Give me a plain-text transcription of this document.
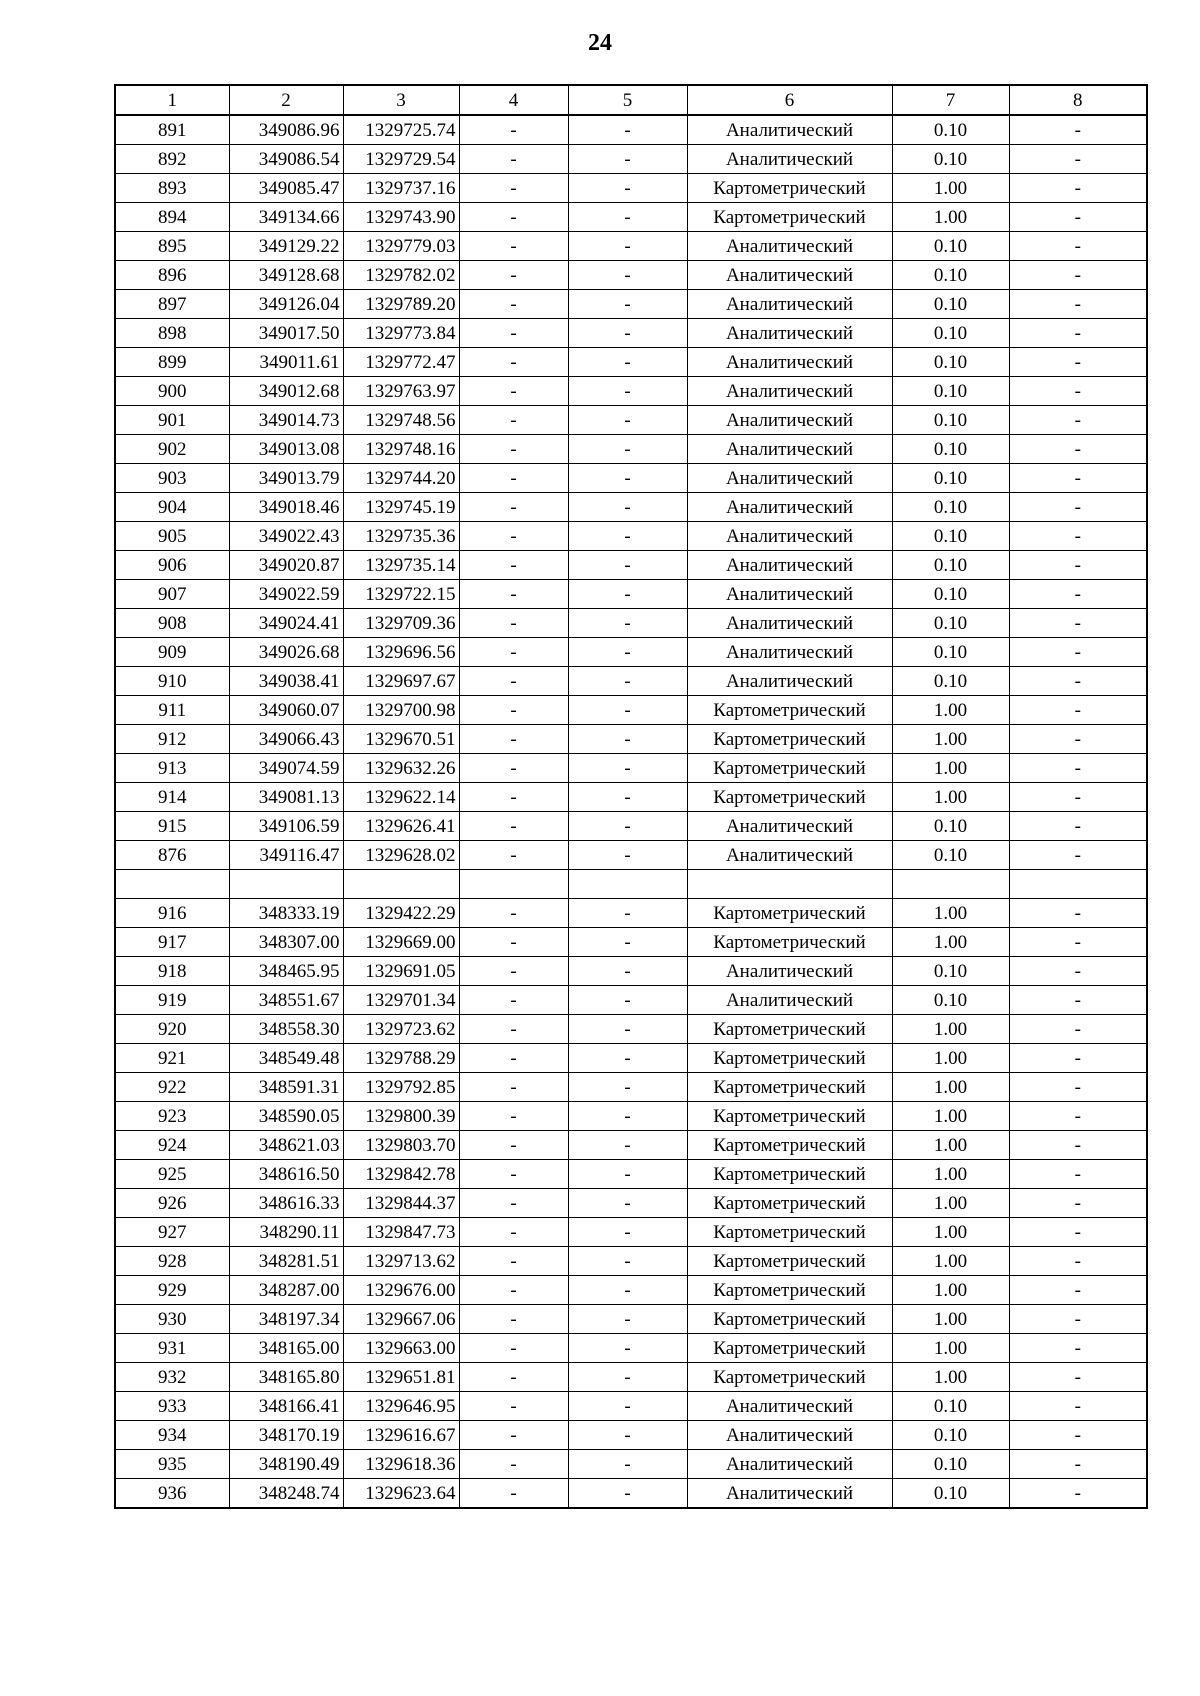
24
1	2	3	4	5	6	7	8
891	349086.96	1329725.74	-	-	Аналитический	0.10	-
892	349086.54	1329729.54	-	-	Аналитический	0.10	-
893	349085.47	1329737.16	-	-	Картометрический	1.00	-
894	349134.66	1329743.90	-	-	Картометрический	1.00	-
895	349129.22	1329779.03	-	-	Аналитический	0.10	-
896	349128.68	1329782.02	-	-	Аналитический	0.10	-
897	349126.04	1329789.20	-	-	Аналитический	0.10	-
898	349017.50	1329773.84	-	-	Аналитический	0.10	-
899	349011.61	1329772.47	-	-	Аналитический	0.10	-
900	349012.68	1329763.97	-	-	Аналитический	0.10	-
901	349014.73	1329748.56	-	-	Аналитический	0.10	-
902	349013.08	1329748.16	-	-	Аналитический	0.10	-
903	349013.79	1329744.20	-	-	Аналитический	0.10	-
904	349018.46	1329745.19	-	-	Аналитический	0.10	-
905	349022.43	1329735.36	-	-	Аналитический	0.10	-
906	349020.87	1329735.14	-	-	Аналитический	0.10	-
907	349022.59	1329722.15	-	-	Аналитический	0.10	-
908	349024.41	1329709.36	-	-	Аналитический	0.10	-
909	349026.68	1329696.56	-	-	Аналитический	0.10	-
910	349038.41	1329697.67	-	-	Аналитический	0.10	-
911	349060.07	1329700.98	-	-	Картометрический	1.00	-
912	349066.43	1329670.51	-	-	Картометрический	1.00	-
913	349074.59	1329632.26	-	-	Картометрический	1.00	-
914	349081.13	1329622.14	-	-	Картометрический	1.00	-
915	349106.59	1329626.41	-	-	Аналитический	0.10	-
876	349116.47	1329628.02	-	-	Аналитический	0.10	-

916	348333.19	1329422.29	-	-	Картометрический	1.00	-
917	348307.00	1329669.00	-	-	Картометрический	1.00	-
918	348465.95	1329691.05	-	-	Аналитический	0.10	-
919	348551.67	1329701.34	-	-	Аналитический	0.10	-
920	348558.30	1329723.62	-	-	Картометрический	1.00	-
921	348549.48	1329788.29	-	-	Картометрический	1.00	-
922	348591.31	1329792.85	-	-	Картометрический	1.00	-
923	348590.05	1329800.39	-	-	Картометрический	1.00	-
924	348621.03	1329803.70	-	-	Картометрический	1.00	-
925	348616.50	1329842.78	-	-	Картометрический	1.00	-
926	348616.33	1329844.37	-	-	Картометрический	1.00	-
927	348290.11	1329847.73	-	-	Картометрический	1.00	-
928	348281.51	1329713.62	-	-	Картометрический	1.00	-
929	348287.00	1329676.00	-	-	Картометрический	1.00	-
930	348197.34	1329667.06	-	-	Картометрический	1.00	-
931	348165.00	1329663.00	-	-	Картометрический	1.00	-
932	348165.80	1329651.81	-	-	Картометрический	1.00	-
933	348166.41	1329646.95	-	-	Аналитический	0.10	-
934	348170.19	1329616.67	-	-	Аналитический	0.10	-
935	348190.49	1329618.36	-	-	Аналитический	0.10	-
936	348248.74	1329623.64	-	-	Аналитический	0.10	-
